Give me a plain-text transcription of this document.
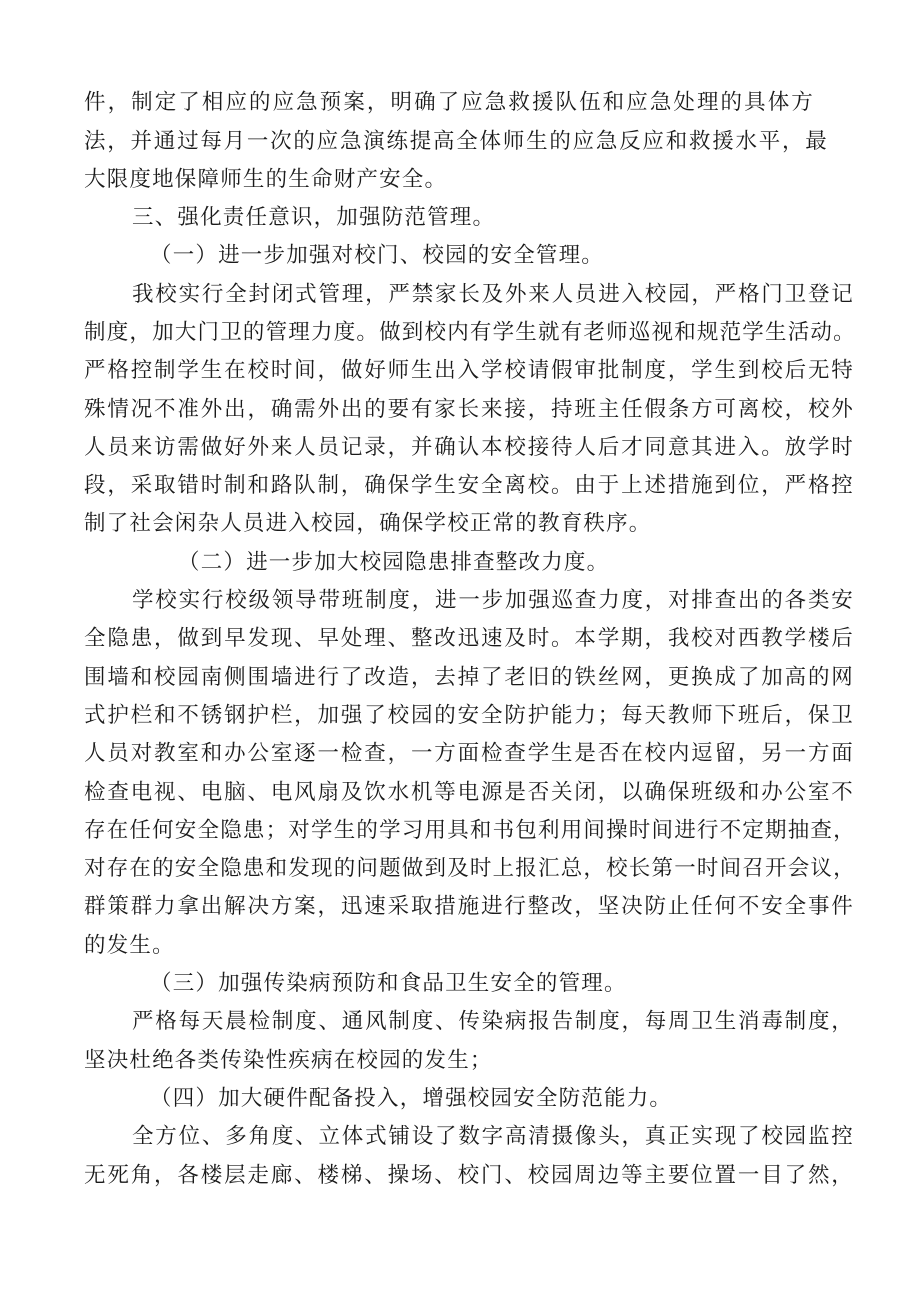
件，制定了相应的应急预案，明确了应急救援队伍和应急处理的具体方
法，并通过每月一次的应急演练提高全体师生的应急反应和救援水平，最
大限度地保障师生的生命财产安全。
三、强化责任意识，加强防范管理。
（一）进一步加强对校门、校园的安全管理。
我校实行全封闭式管理，严禁家长及外来人员进入校园，严格门卫登记
制度，加大门卫的管理力度。做到校内有学生就有老师巡视和规范学生活动。
严格控制学生在校时间，做好师生出入学校请假审批制度，学生到校后无特
殊情况不准外出，确需外出的要有家长来接，持班主任假条方可离校，校外
人员来访需做好外来人员记录，并确认本校接待人后才同意其进入。放学时
段，采取错时制和路队制，确保学生安全离校。由于上述措施到位，严格控
制了社会闲杂人员进入校园，确保学校正常的教育秩序。
（二）进一步加大校园隐患排查整改力度。
学校实行校级领导带班制度，进一步加强巡查力度，对排查出的各类安
全隐患，做到早发现、早处理、整改迅速及时。本学期，我校对西教学楼后
围墙和校园南侧围墙进行了改造，去掉了老旧的铁丝网，更换成了加高的网
式护栏和不锈钢护栏，加强了校园的安全防护能力；每天教师下班后，保卫
人员对教室和办公室逐一检查，一方面检查学生是否在校内逗留，另一方面
检查电视、电脑、电风扇及饮水机等电源是否关闭，以确保班级和办公室不
存在任何安全隐患；对学生的学习用具和书包利用间操时间进行不定期抽查，
对存在的安全隐患和发现的问题做到及时上报汇总，校长第一时间召开会议，
群策群力拿出解决方案，迅速采取措施进行整改，坚决防止任何不安全事件
的发生。
（三）加强传染病预防和食品卫生安全的管理。
严格每天晨检制度、通风制度、传染病报告制度，每周卫生消毒制度，
坚决杜绝各类传染性疾病在校园的发生；
（四）加大硬件配备投入，增强校园安全防范能力。
全方位、多角度、立体式铺设了数字高清摄像头，真正实现了校园监控
无死角，各楼层走廊、楼梯、操场、校门、校园周边等主要位置一目了然，
